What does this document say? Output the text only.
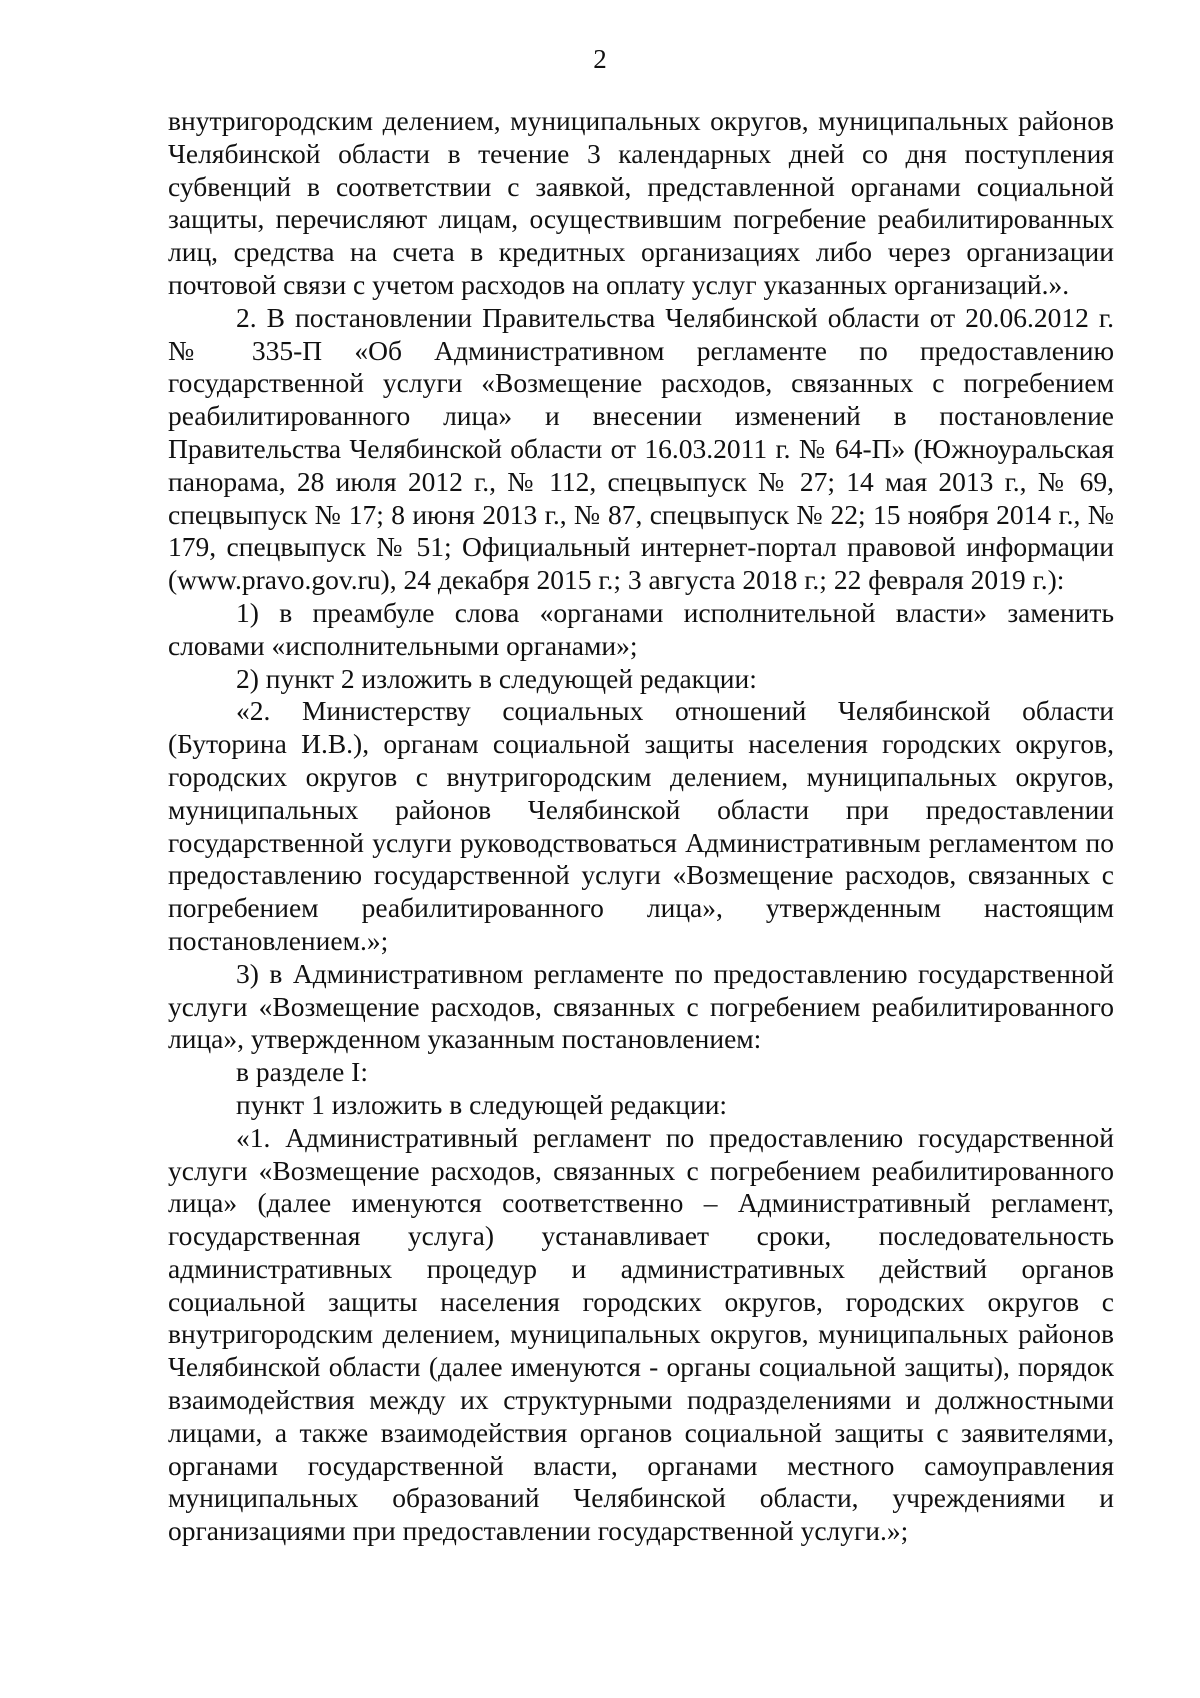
2

внутригородским делением, муниципальных округов, муниципальных районов Челябинской области в течение 3 календарных дней со дня поступления субвенций в соответствии с заявкой, представленной органами социальной защиты, перечисляют лицам, осуществившим погребение реабилитированных лиц, средства на счета в кредитных организациях либо через организации почтовой связи с учетом расходов на оплату услуг указанных организаций.».

2. В постановлении Правительства Челябинской области от 20.06.2012 г. № 335-П «Об Административном регламенте по предоставлению государственной услуги «Возмещение расходов, связанных с погребением реабилитированного лица» и внесении изменений в постановление Правительства Челябинской области от 16.03.2011 г. № 64-П» (Южноуральская панорама, 28 июля 2012 г., № 112, спецвыпуск № 27; 14 мая 2013 г., № 69, спецвыпуск № 17; 8 июня 2013 г., № 87, спецвыпуск № 22; 15 ноября 2014 г., № 179, спецвыпуск № 51; Официальный интернет-портал правовой информации (www.pravo.gov.ru), 24 декабря 2015 г.; 3 августа 2018 г.; 22 февраля 2019 г.):

1) в преамбуле слова «органами исполнительной власти» заменить словами «исполнительными органами»;

2) пункт 2 изложить в следующей редакции:

«2. Министерству социальных отношений Челябинской области (Буторина И.В.), органам социальной защиты населения городских округов, городских округов с внутригородским делением, муниципальных округов, муниципальных районов Челябинской области при предоставлении государственной услуги руководствоваться Административным регламентом по предоставлению государственной услуги «Возмещение расходов, связанных с погребением реабилитированного лица», утвержденным настоящим постановлением.»;

3) в Административном регламенте по предоставлению государственной услуги «Возмещение расходов, связанных с погребением реабилитированного лица», утвержденном указанным постановлением:

в разделе I:

пункт 1 изложить в следующей редакции:

«1. Административный регламент по предоставлению государственной услуги «Возмещение расходов, связанных с погребением реабилитированного лица» (далее именуются соответственно – Административный регламент, государственная услуга) устанавливает сроки, последовательность административных процедур и административных действий органов социальной защиты населения городских округов, городских округов с внутригородским делением, муниципальных округов, муниципальных районов Челябинской области (далее именуются - органы социальной защиты), порядок взаимодействия между их структурными подразделениями и должностными лицами, а также взаимодействия органов социальной защиты с заявителями, органами государственной власти, органами местного самоуправления муниципальных образований Челябинской области, учреждениями и организациями при предоставлении государственной услуги.»;
